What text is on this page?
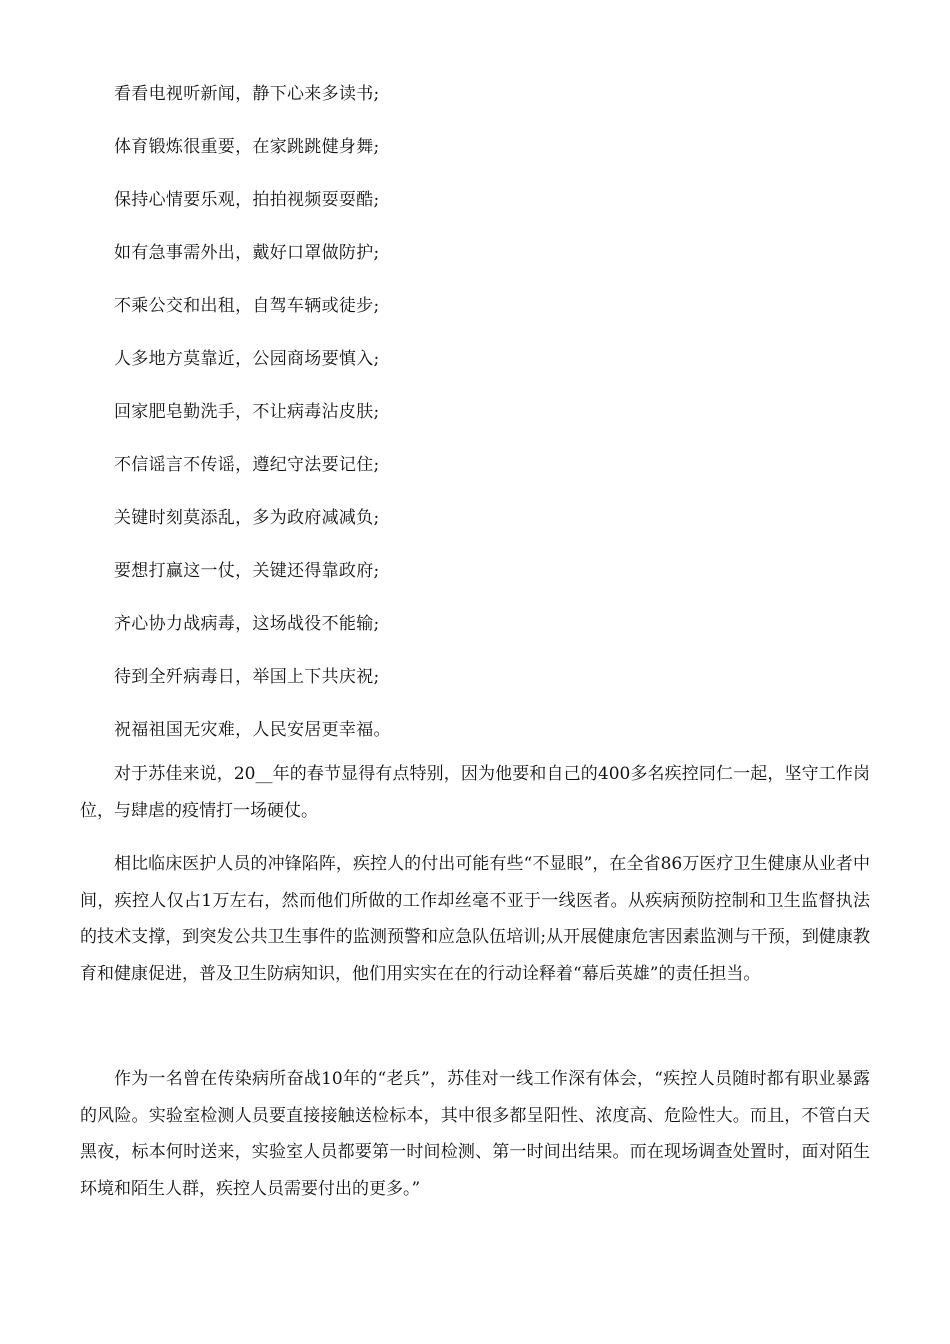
看看电视听新闻，静下心来多读书;
体育锻炼很重要，在家跳跳健身舞;
保持心情要乐观，拍拍视频耍耍酷;
如有急事需外出，戴好口罩做防护;
不乘公交和出租，自驾车辆或徒步;
人多地方莫靠近，公园商场要慎入;
回家肥皂勤洗手，不让病毒沾皮肤;
不信谣言不传谣，遵纪守法要记住;
关键时刻莫添乱，多为政府减减负;
要想打赢这一仗，关键还得靠政府;
齐心协力战病毒，这场战役不能输;
待到全歼病毒日，举国上下共庆祝;
祝福祖国无灾难，人民安居更幸福。

对于苏佳来说，20__年的春节显得有点特别，因为他要和自己的400多名疾控同仁一起，坚守工作岗位，与肆虐的疫情打一场硬仗。

相比临床医护人员的冲锋陷阵，疾控人的付出可能有些“不显眼”，在全省86万医疗卫生健康从业者中间，疾控人仅占1万左右，然而他们所做的工作却丝毫不亚于一线医者。从疾病预防控制和卫生监督执法的技术支撑，到突发公共卫生事件的监测预警和应急队伍培训;从开展健康危害因素监测与干预，到健康教育和健康促进，普及卫生防病知识，他们用实实在在的行动诠释着“幕后英雄”的责任担当。

作为一名曾在传染病所奋战10年的“老兵”，苏佳对一线工作深有体会，“疾控人员随时都有职业暴露的风险。实验室检测人员要直接接触送检标本，其中很多都呈阳性、浓度高、危险性大。而且，不管白天黑夜，标本何时送来，实验室人员都要第一时间检测、第一时间出结果。而在现场调查处置时，面对陌生环境和陌生人群，疾控人员需要付出的更多。”
